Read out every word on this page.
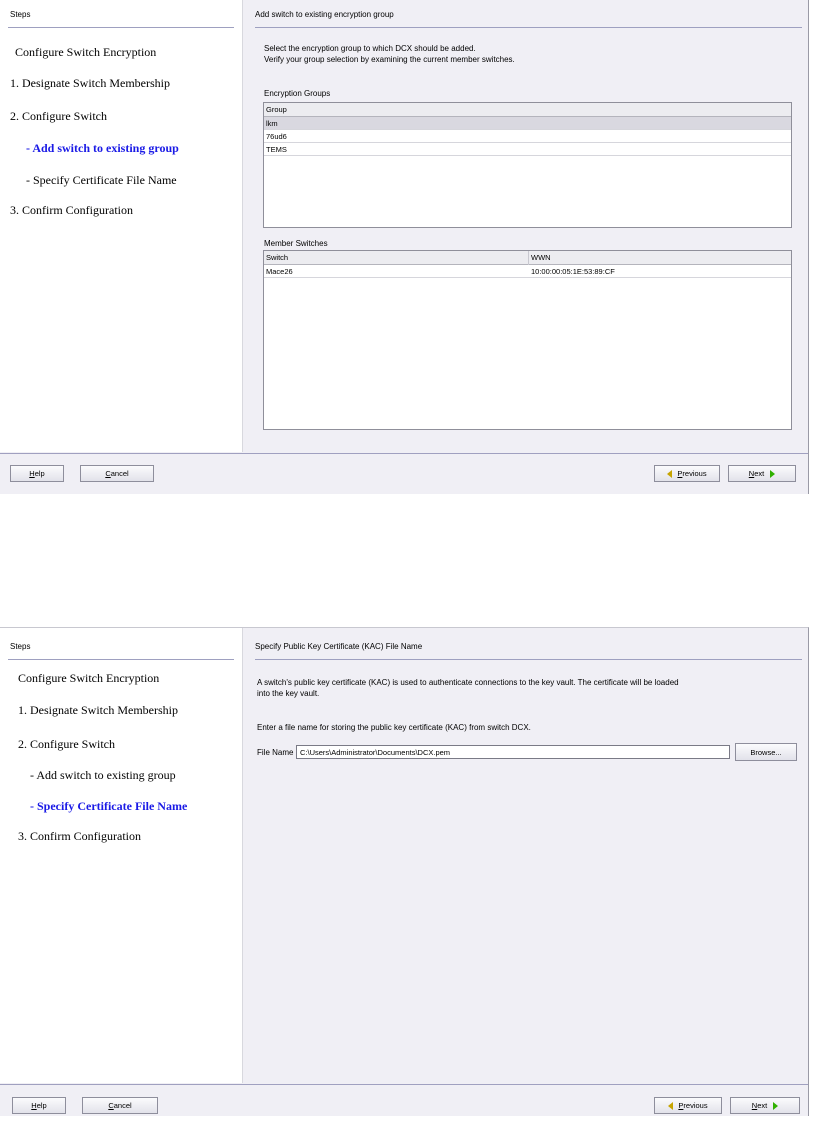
Steps
Configure Switch Encryption
1. Designate Switch Membership
2. Configure Switch
- Add switch to existing group
- Specify Certificate File Name
3. Confirm Configuration
Add switch to existing encryption group
Select the encryption group to which DCX should be added.
Verify your group selection by examining the current member switches.
Encryption Groups
Group
lkm
76ud6
TEMS
Member Switches
Switch	WWN
Mace26	10:00:00:05:1E:53:89:CF
H elp	C ancel	P revious	N ext
Steps
Configure Switch Encryption
1. Designate Switch Membership
2. Configure Switch
- Add switch to existing group
- Specify Certificate File Name
3. Confirm Configuration
Specify Public Key Certificate (KAC) File Name
A switch's public key certificate (KAC) is used to authenticate connections to the key vault. The certificate will be loaded
into the key vault.
Enter a file name for storing the public key certificate (KAC) from switch DCX.
File Name C:\Users\Administrator\Documents\DCX.pem	Browse...
H elp	C ancel	P revious	N ext
